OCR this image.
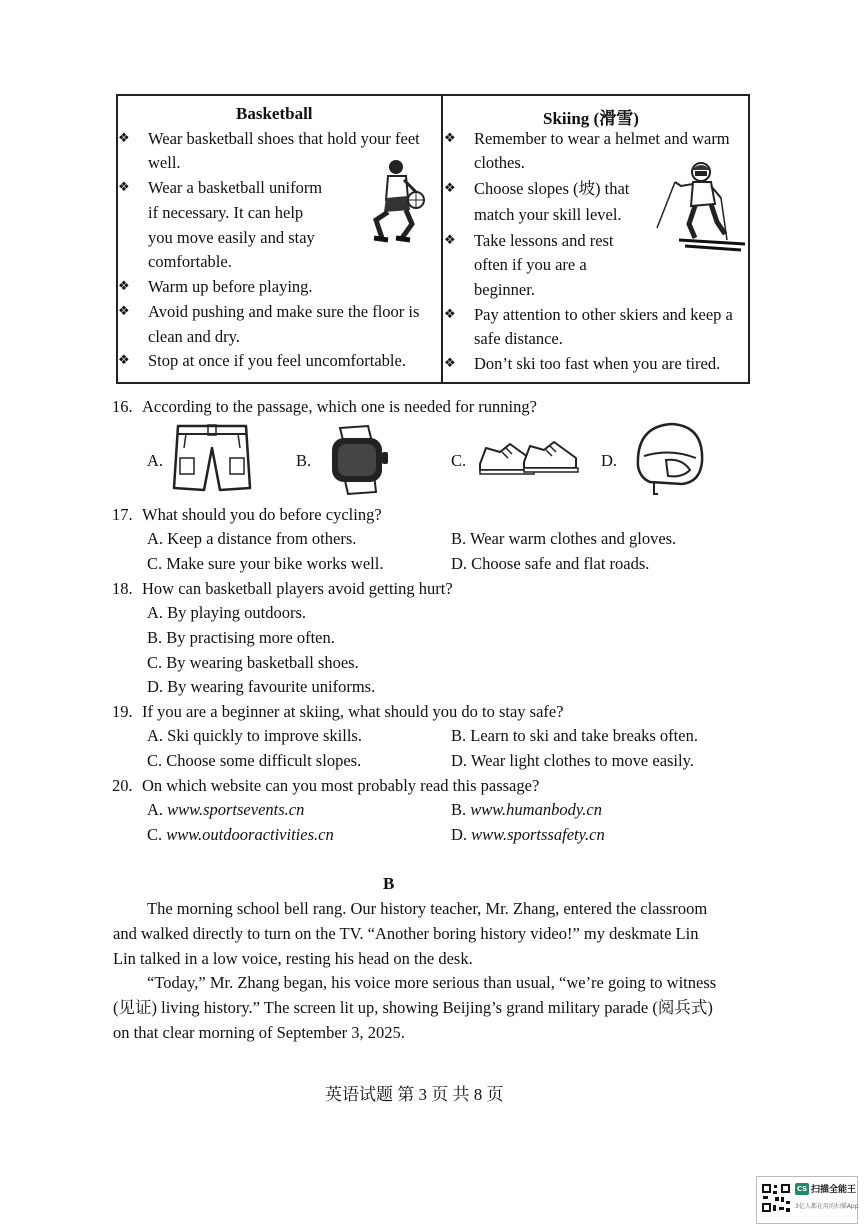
Basketball	Skiing (滑雪)
❖ Wear basketball shoes that hold your feet
well.
❖ Wear a basketball uniform
if necessary. It can help
you move easily and stay
comfortable.
❖ Warm up before playing.
❖ Avoid pushing and make sure the floor is
clean and dry.
❖ Stop at once if you feel uncomfortable.
❖ Remember to wear a helmet and warm
clothes.
❖ Choose slopes (坡) that
match your skill level.
❖ Take lessons and rest
often if you are a
beginner.
❖ Pay attention to other skiers and keep a
safe distance.
❖ Don’t ski too fast when you are tired.
16. According to the passage, which one is needed for running?
A.	B.	C.	D.
17. What should you do before cycling?
A. Keep a distance from others.	B. Wear warm clothes and gloves.
C. Make sure your bike works well.	D. Choose safe and flat roads.
18. How can basketball players avoid getting hurt?
A. By playing outdoors.
B. By practising more often.
C. By wearing basketball shoes.
D. By wearing favourite uniforms.
19. If you are a beginner at skiing, what should you do to stay safe?
A. Ski quickly to improve skills.	B. Learn to ski and take breaks often.
C. Choose some difficult slopes.	D. Wear light clothes to move easily.
20. On which website can you most probably read this passage?
A. www.sportsevents.cn	B. www.humanbody.cn
C. www.outdooractivities.cn	D. www.sportssafety.cn
B
The morning school bell rang. Our history teacher, Mr. Zhang, entered the classroom
and walked directly to turn on the TV. “Another boring history video!” my deskmate Lin
Lin talked in a low voice, resting his head on the desk.
“Today,” Mr. Zhang began, his voice more serious than usual, “we’re going to witness
(见证) living history.” The screen lit up, showing Beijing’s grand military parade (阅兵式)
on that clear morning of September 3, 2025.
英语试题 第 3 页 共 8 页
CS 扫描全能王
3亿人都在用的扫描App
